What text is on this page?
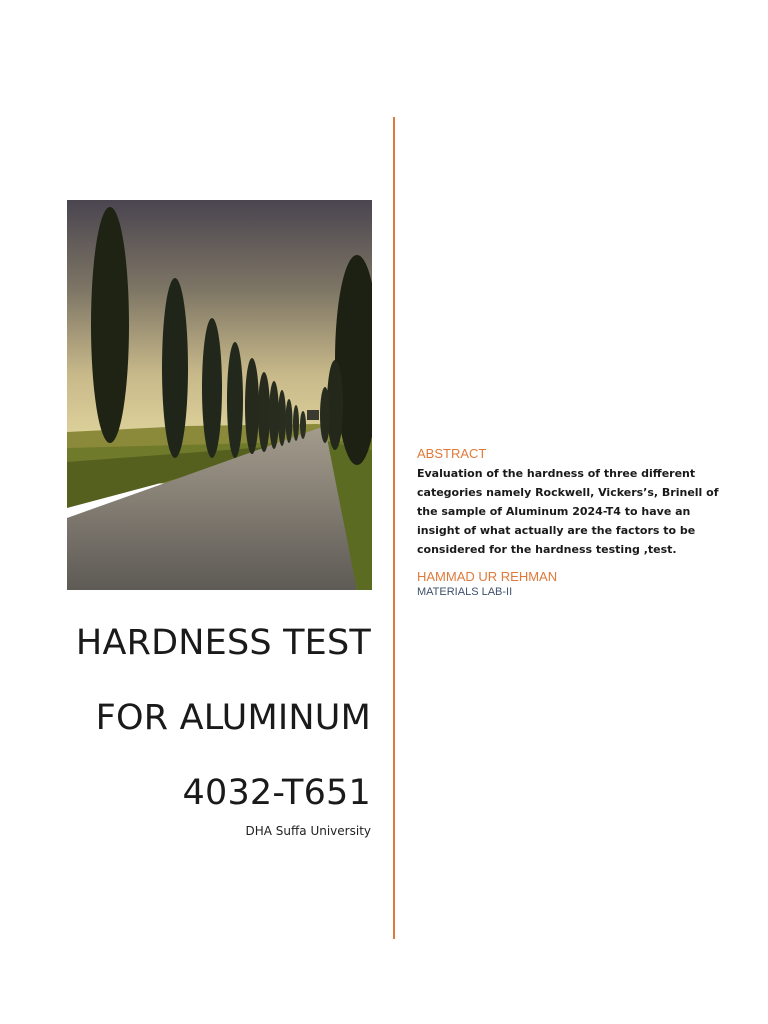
HARDNESS TEST
FOR ALUMINUM
4032-T651
DHA Suffa University
ABSTRACT
Evaluation of the hardness of three different categories namely Rockwell, Vickers’s, Brinell of the sample of Aluminum 2024-T4 to have an insight of what actually are the factors to be considered for the hardness testing ,test.
HAMMAD UR REHMAN
MATERIALS LAB-II
